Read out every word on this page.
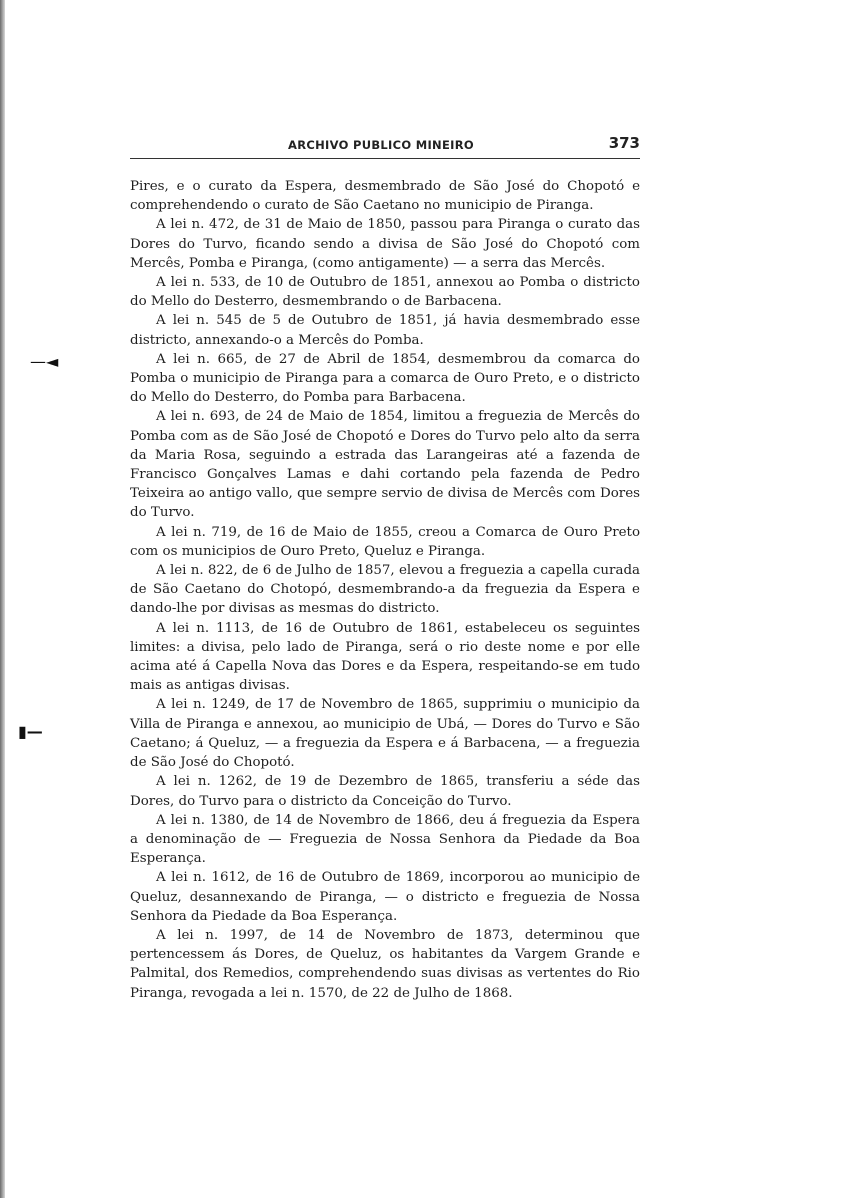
ARCHIVO PUBLICO MINEIRO	373
—◄
▮—

Pires, e o curato da Espera, desmembrado de São José do Chopotó e comprehendendo o curato de São Caetano no municipio de Piranga.

A lei n. 472, de 31 de Maio de 1850, passou para Piranga o curato das Dores do Turvo, ficando sendo a divisa de São José do Chopotó com Mercês, Pomba e Piranga, (como antigamente) — a serra das Mercês.

A lei n. 533, de 10 de Outubro de 1851, annexou ao Pomba o districto do Mello do Desterro, desmembrando o de Barbacena.

A lei n. 545 de 5 de Outubro de 1851, já havia desmembrado esse districto, annexando-o a Mercês do Pomba.

A lei n. 665, de 27 de Abril de 1854, desmembrou da comarca do Pomba o municipio de Piranga para a comarca de Ouro Preto, e o districto do Mello do Desterro, do Pomba para Barbacena.

A lei n. 693, de 24 de Maio de 1854, limitou a freguezia de Mercês do Pomba com as de São José de Chopotó e Dores do Turvo pelo alto da serra da Maria Rosa, seguindo a estrada das Larangeiras até a fazenda de Francisco Gonçalves Lamas e dahi cortando pela fazenda de Pedro Teixeira ao antigo vallo, que sempre servio de divisa de Mercês com Dores do Turvo.

A lei n. 719, de 16 de Maio de 1855, creou a Comarca de Ouro Preto com os municipios de Ouro Preto, Queluz e Piranga.

A lei n. 822, de 6 de Julho de 1857, elevou a freguezia a capella curada de São Caetano do Chotopó, desmembrando-a da freguezia da Espera e dando-lhe por divisas as mesmas do districto.

A lei n. 1113, de 16 de Outubro de 1861, estabeleceu os seguintes limites: a divisa, pelo lado de Piranga, será o rio deste nome e por elle acima até á Capella Nova das Dores e da Espera, respeitando-se em tudo mais as antigas divisas.

A lei n. 1249, de 17 de Novembro de 1865, supprimiu o municipio da Villa de Piranga e annexou, ao municipio de Ubá, — Dores do Turvo e São Caetano; á Queluz, — a freguezia da Espera e á Barbacena, — a freguezia de São José do Chopotó.

A lei n. 1262, de 19 de Dezembro de 1865, transferiu a séde das Dores, do Turvo para o districto da Conceição do Turvo.

A lei n. 1380, de 14 de Novembro de 1866, deu á freguezia da Espera a denominação de — Freguezia de Nossa Senhora da Piedade da Boa Esperança.

A lei n. 1612, de 16 de Outubro de 1869, incorporou ao municipio de Queluz, desannexando de Piranga, — o districto e freguezia de Nossa Senhora da Piedade da Boa Esperança.

A lei n. 1997, de 14 de Novembro de 1873, determinou que pertencessem ás Dores, de Queluz, os habitantes da Vargem Grande e Palmital, dos Remedios, comprehendendo suas divisas as vertentes do Rio Piranga, revogada a lei n. 1570, de 22 de Julho de 1868.
